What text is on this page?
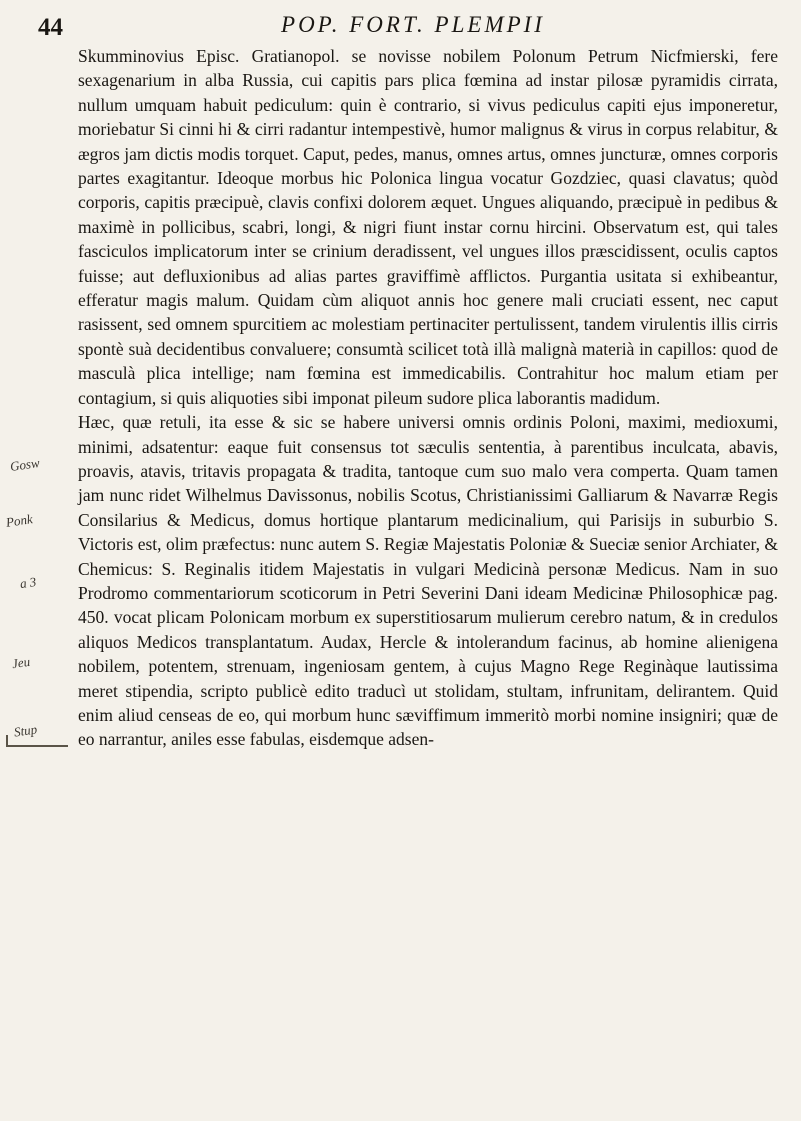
44	POP. FORT. PLEMPII
Gosw
Ponk
a 3
Jeu
Stup

Skumminovius Episc. Gratianopol. se novisse nobilem Polonum Petrum Nicfmierski, fere sexagenarium in alba Russia, cui capitis pars plica fœmina ad instar pilosæ pyramidis cirrata, nullum umquam habuit pediculum: quin è contrario, si vivus pediculus capiti ejus imponeretur, moriebatur Si cinni hi & cirri radantur intempestivè, humor malignus & virus in corpus relabitur, & ægros jam dictis modis torquet. Caput, pedes, manus, omnes artus, omnes juncturæ, omnes corporis partes exagitantur. Ideoque morbus hic Polonica lingua vocatur Gozdziec, quasi clavatus; quòd corporis, capitis præcipuè, clavis confixi dolorem æquet. Ungues aliquando, præcipuè in pedibus & maximè in pollicibus, scabri, longi, & nigri fiunt instar cornu hircini. Observatum est, qui tales fasciculos implicatorum inter se crinium deradissent, vel ungues illos præscidissent, oculis captos fuisse; aut defluxionibus ad alias partes graviffimè afflictos. Purgantia usitata si exhibeantur, efferatur magis malum. Quidam cùm aliquot annis hoc genere mali cruciati essent, nec caput rasissent, sed omnem spurcitiem ac molestiam pertinaciter pertulissent, tandem virulentis illis cirris spontè suà decidentibus convaluere; consumtà scilicet totà illà malignà materià in capillos: quod de masculà plica intellige; nam fœmina est immedicabilis. Contrahitur hoc malum etiam per contagium, si quis aliquoties sibi imponat pileum sudore plica laborantis madidum.

Hæc, quæ retuli, ita esse & sic se habere universi omnis ordinis Poloni, maximi, medioxumi, minimi, adsatentur: eaque fuit consensus tot sæculis sententia, à parentibus inculcata, abavis, proavis, atavis, tritavis propagata & tradita, tantoque cum suo malo vera comperta. Quam tamen jam nunc ridet Wilhelmus Davissonus, nobilis Scotus, Christianissimi Galliarum & Navarræ Regis Consilarius & Medicus, domus hortique plantarum medicinalium, qui Parisijs in suburbio S. Victoris est, olim præfectus: nunc autem S. Regiæ Majestatis Poloniæ & Sueciæ senior Archiater, & Chemicus: S. Reginalis itidem Majestatis in vulgari Medicinà personæ Medicus. Nam in suo Prodromo commentariorum scoticorum in Petri Severini Dani ideam Medicinæ Philosophicæ pag. 450. vocat plicam Polonicam morbum ex superstitiosarum mulierum cerebro natum, & in credulos aliquos Medicos transplantatum. Audax, Hercle & intolerandum facinus, ab homine alienigena nobilem, potentem, strenuam, ingeniosam gentem, à cujus Magno Rege Reginàque lautissima meret stipendia, scripto publicè edito traducì ut stolidam, stultam, infrunitam, delirantem. Quid enim aliud censeas de eo, qui morbum hunc sæviffimum immeritò morbi nomine insigniri; quæ de eo narrantur, aniles esse fabulas, eisdemque adsen-
